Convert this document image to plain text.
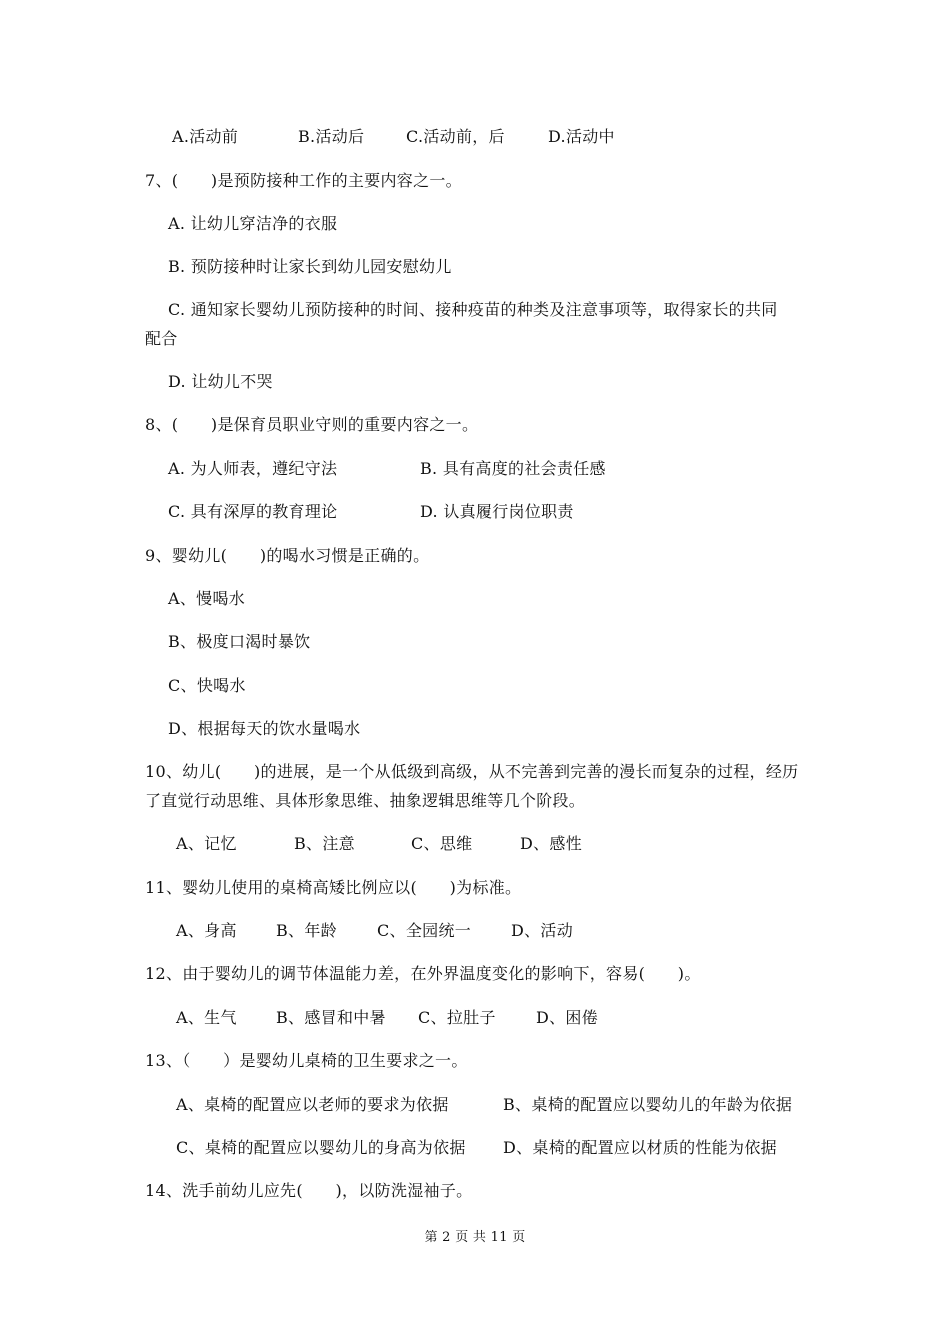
A.活动前	B.活动后	C.活动前，后	D.活动中
7、(　　)是预防接种工作的主要内容之一。
A. 让幼儿穿洁净的衣服
B. 预防接种时让家长到幼儿园安慰幼儿
C. 通知家长婴幼儿预防接种的时间、接种疫苗的种类及注意事项等，取得家长的共同
配合
D. 让幼儿不哭
8、(　　)是保育员职业守则的重要内容之一。
A. 为人师表，遵纪守法	B. 具有高度的社会责任感
C. 具有深厚的教育理论	D. 认真履行岗位职责
9、婴幼儿(　　)的喝水习惯是正确的。
A、慢喝水
B、极度口渴时暴饮
C、快喝水
D、根据每天的饮水量喝水
10、幼儿(　　)的进展，是一个从低级到高级，从不完善到完善的漫长而复杂的过程，经历
了直觉行动思维、具体形象思维、抽象逻辑思维等几个阶段。
A、记忆	B、注意	C、思维	D、感性
11、婴幼儿使用的桌椅高矮比例应以(　　)为标准。
A、身高 B、年龄	C、全园统一 D、活动
12、由于婴幼儿的调节体温能力差，在外界温度变化的影响下，容易(　　)。
A、生气 B、感冒和中暑 C、拉肚子	D、困倦
13、（　　）是婴幼儿桌椅的卫生要求之一。
A、桌椅的配置应以老师的要求为依据	B、桌椅的配置应以婴幼儿的年龄为依据
C、桌椅的配置应以婴幼儿的身高为依据 D、桌椅的配置应以材质的性能为依据
14、洗手前幼儿应先(　　)，以防洗湿袖子。
第 2 页 共 11 页
